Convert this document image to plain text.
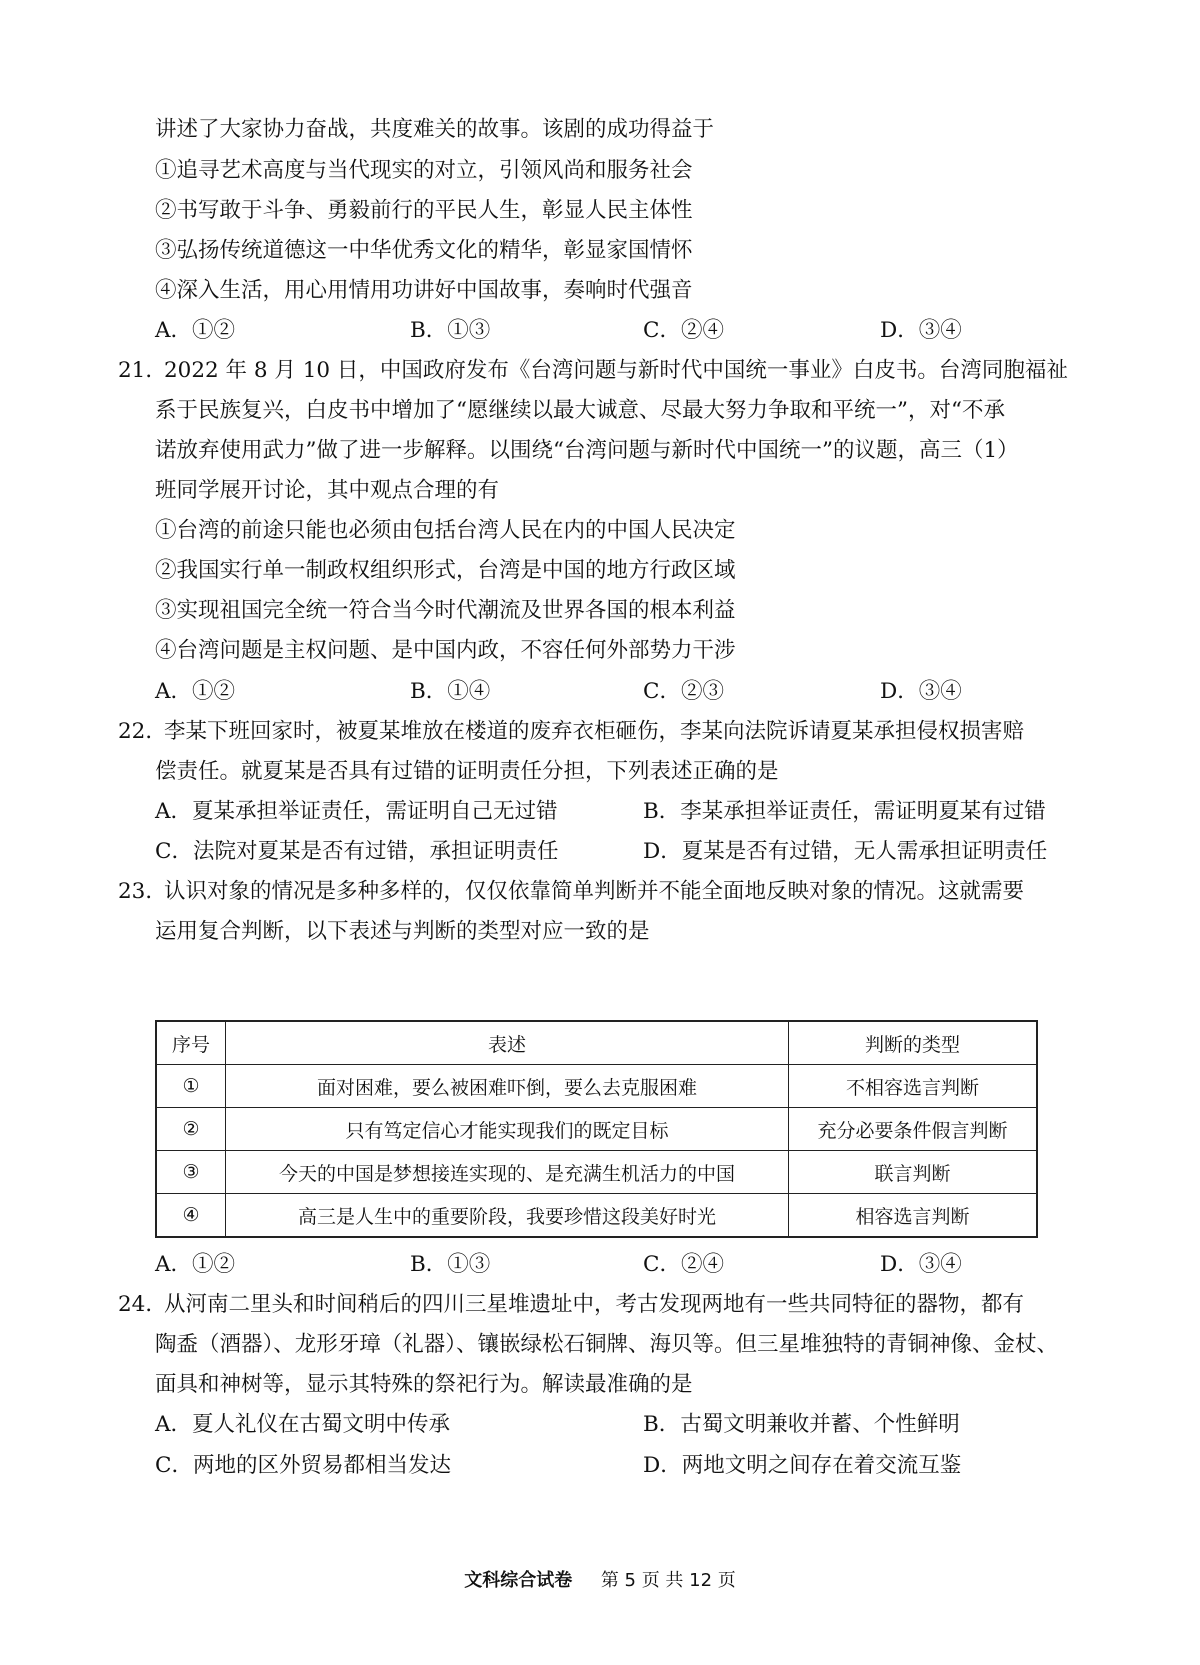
讲述了大家协力奋战，共度难关的故事。该剧的成功得益于
①追寻艺术高度与当代现实的对立，引领风尚和服务社会
②书写敢于斗争、勇毅前行的平民人生，彰显人民主体性
③弘扬传统道德这一中华优秀文化的精华，彰显家国情怀
④深入生活，用心用情用功讲好中国故事，奏响时代强音
A．①②	B．①③	C．②④	D．③④
21．
2022 年 8 月 10 日，中国政府发布《台湾问题与新时代中国统一事业》白皮书。台湾同胞福祉
系于民族复兴，白皮书中增加了“愿继续以最大诚意、尽最大努力争取和平统一”，对“不承
诺放弃使用武力”做了进一步解释。以围绕“台湾问题与新时代中国统一”的议题，高三（1）
班同学展开讨论，其中观点合理的有
①台湾的前途只能也必须由包括台湾人民在内的中国人民决定
②我国实行单一制政权组织形式，台湾是中国的地方行政区域
③实现祖国完全统一符合当今时代潮流及世界各国的根本利益
④台湾问题是主权问题、是中国内政，不容任何外部势力干涉
A．①②	B．①④	C．②③	D．③④
22．
李某下班回家时，被夏某堆放在楼道的废弃衣柜砸伤，李某向法院诉请夏某承担侵权损害赔
偿责任。就夏某是否具有过错的证明责任分担，下列表述正确的是
A．夏某承担举证责任，需证明自己无过错	B．李某承担举证责任，需证明夏某有过错
C．法院对夏某是否有过错，承担证明责任	D．夏某是否有过错，无人需承担证明责任
23．
认识对象的情况是多种多样的，仅仅依靠简单判断并不能全面地反映对象的情况。这就需要
运用复合判断，以下表述与判断的类型对应一致的是
序号	表述	判断的类型
①	面对困难，要么被困难吓倒，要么去克服困难	不相容选言判断
②	只有笃定信心才能实现我们的既定目标	充分必要条件假言判断
③	今天的中国是梦想接连实现的、是充满生机活力的中国	联言判断
④	高三是人生中的重要阶段，我要珍惜这段美好时光	相容选言判断
A．①②	B．①③	C．②④	D．③④
24．
从河南二里头和时间稍后的四川三星堆遗址中，考古发现两地有一些共同特征的器物，都有
陶盉（酒器）、龙形牙璋（礼器）、镶嵌绿松石铜牌、海贝等。但三星堆独特的青铜神像、金杖、
面具和神树等，显示其特殊的祭祀行为。解读最准确的是
A．夏人礼仪在古蜀文明中传承	B．古蜀文明兼收并蓄、个性鲜明
C．两地的区外贸易都相当发达	D．两地文明之间存在着交流互鉴
文科综合试卷 第 5 页 共 12 页
